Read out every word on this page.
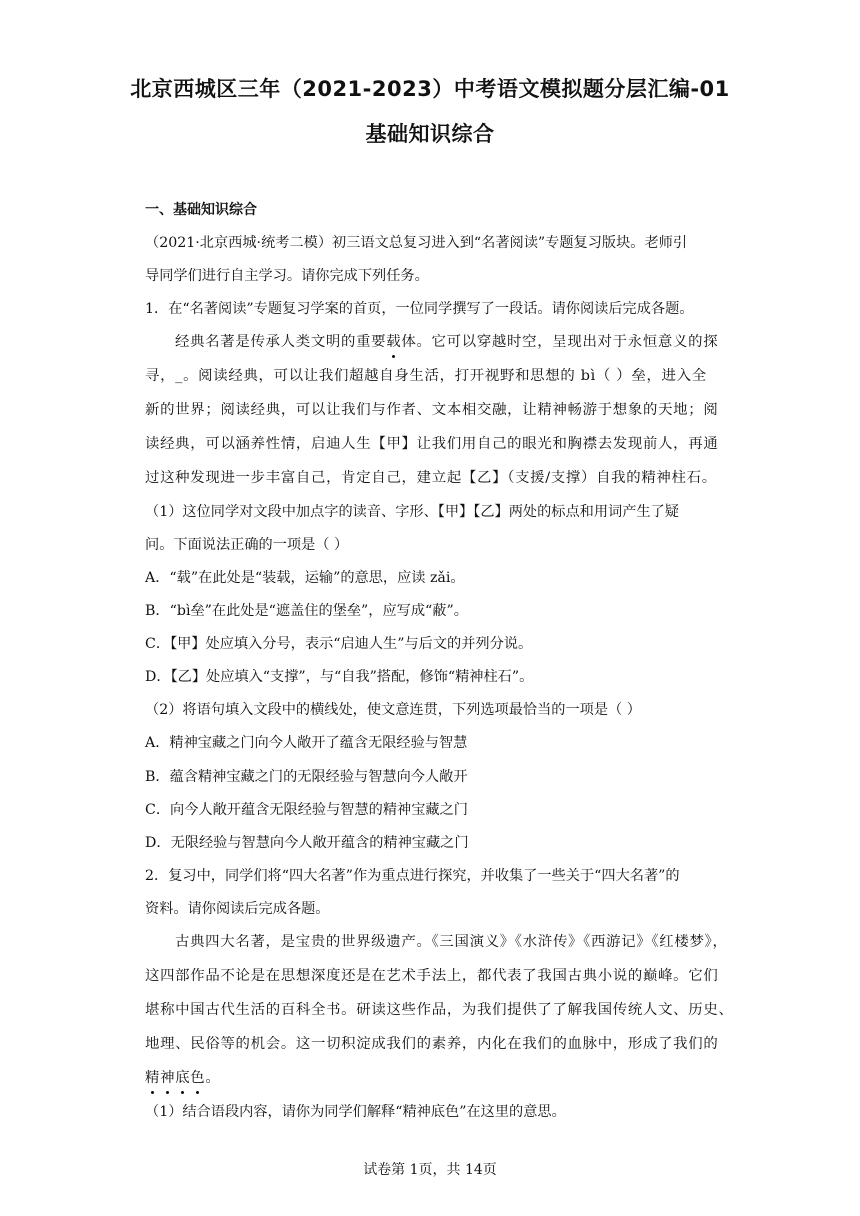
北京西城区三年（2021-2023）中考语文模拟题分层汇编-01
基础知识综合
一、基础知识综合
（2021·北京西城·统考二模）初三语文总复习进入到“名著阅读”专题复习版块。老师引
导同学们进行自主学习。请你完成下列任务。
1．在“名著阅读”专题复习学案的首页，一位同学撰写了一段话。请你阅读后完成各题。
经典名著是传承人类文明的重要载体。它可以穿越时空，呈现出对于永恒意义的探
寻，_。阅读经典，可以让我们超越自身生活，打开视野和思想的 bì（ ）垒，进入全
新的世界；阅读经典，可以让我们与作者、文本相交融，让精神畅游于想象的天地；阅
读经典，可以涵养性情，启迪人生【甲】让我们用自己的眼光和胸襟去发现前人，再通
过这种发现进一步丰富自己，肯定自己，建立起【乙】（支援/支撑）自我的精神柱石。
（1）这位同学对文段中加点字的读音、字形、【甲】【乙】两处的标点和用词产生了疑
问。下面说法正确的一项是（ ）
A．“载”在此处是“装载，运输”的意思，应读 zǎi。
B．“bì垒”在此处是“遮盖住的堡垒”，应写成“蔽”。
C．【甲】处应填入分号，表示“启迪人生”与后文的并列分说。
D．【乙】处应填入“支撑”，与“自我”搭配，修饰“精神柱石”。
（2）将语句填入文段中的横线处，使文意连贯，下列选项最恰当的一项是（ ）
A．精神宝藏之门向今人敞开了蕴含无限经验与智慧
B．蕴含精神宝藏之门的无限经验与智慧向今人敞开
C．向今人敞开蕴含无限经验与智慧的精神宝藏之门
D．无限经验与智慧向今人敞开蕴含的精神宝藏之门
2．复习中，同学们将“四大名著”作为重点进行探究，并收集了一些关于“四大名著”的
资料。请你阅读后完成各题。
古典四大名著，是宝贵的世界级遗产。《三国演义》《水浒传》《西游记》《红楼梦》，
这四部作品不论是在思想深度还是在艺术手法上，都代表了我国古典小说的巅峰。它们
堪称中国古代生活的百科全书。研读这些作品，为我们提供了了解我国传统人文、历史、
地理、民俗等的机会。这一切积淀成我们的素养，内化在我们的血脉中，形成了我们的
精神底色。
（1）结合语段内容，请你为同学们解释“精神底色”在这里的意思。
试卷第 1页，共 14页
